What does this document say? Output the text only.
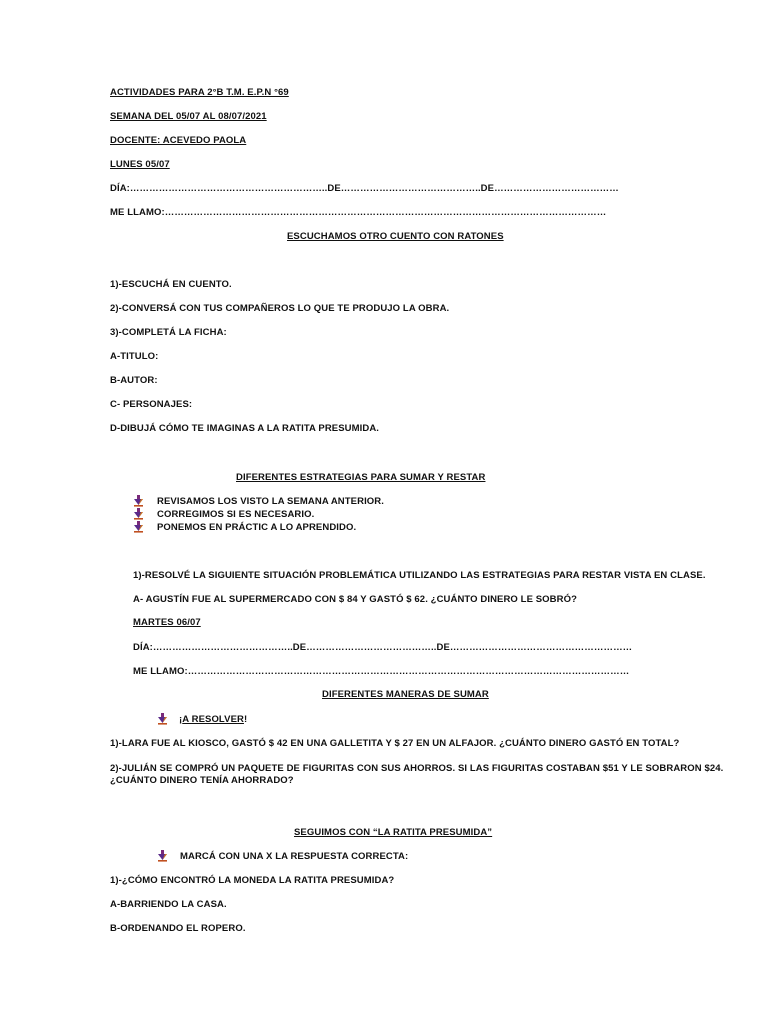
ACTIVIDADES PARA 2°B T.M. E.P.N °69
SEMANA DEL 05/07 AL 08/07/2021
DOCENTE: ACEVEDO PAOLA
LUNES 05/07
DÍA:……………………………………………………..DE……………………………………..DE…………………………………
ME LLAMO:…………………………………………………………………………………………………………………………
ESCUCHAMOS OTRO CUENTO CON RATONES
1)-ESCUCHÁ EN CUENTO.
2)-CONVERSÁ CON TUS COMPAÑEROS LO QUE TE PRODUJO LA OBRA.
3)-COMPLETÁ LA FICHA:
A-TITULO:
B-AUTOR:
C- PERSONAJES:
D-DIBUJÁ CÓMO TE IMAGINAS A LA RATITA PRESUMIDA.
DIFERENTES ESTRATEGIAS PARA SUMAR Y RESTAR
REVISAMOS LOS VISTO LA SEMANA ANTERIOR.
CORREGIMOS SI ES NECESARIO.
PONEMOS EN PRÁCTIC A LO APRENDIDO.
1)-RESOLVÉ LA SIGUIENTE SITUACIÓN PROBLEMÁTICA UTILIZANDO LAS ESTRATEGIAS PARA RESTAR VISTA EN CLASE.
A- AGUSTÍN FUE AL SUPERMERCADO CON $ 84 Y GASTÓ $ 62. ¿CUÁNTO DINERO LE SOBRÓ?
MARTES 06/07
DÍA:……………………………………..DE…………………………………..DE…………………………………………………
ME LLAMO:…………………………………………………………………………………………………………………………
DIFERENTES MANERAS DE SUMAR
¡A RESOLVER!
1)-LARA FUE AL KIOSCO, GASTÓ $ 42 EN UNA GALLETITA Y $ 27 EN UN ALFAJOR. ¿CUÁNTO DINERO GASTÓ EN TOTAL?
2)-JULIÁN SE COMPRÓ UN PAQUETE DE FIGURITAS CON SUS AHORROS. SI LAS FIGURITAS COSTABAN $51 Y LE SOBRARON $24.
¿CUÁNTO DINERO TENÍA AHORRADO?
SEGUIMOS CON “LA RATITA PRESUMIDA”
MARCÁ CON UNA X LA RESPUESTA CORRECTA:
1)-¿CÓMO ENCONTRÓ LA MONEDA LA RATITA PRESUMIDA?
A-BARRIENDO LA CASA.
B-ORDENANDO EL ROPERO.
